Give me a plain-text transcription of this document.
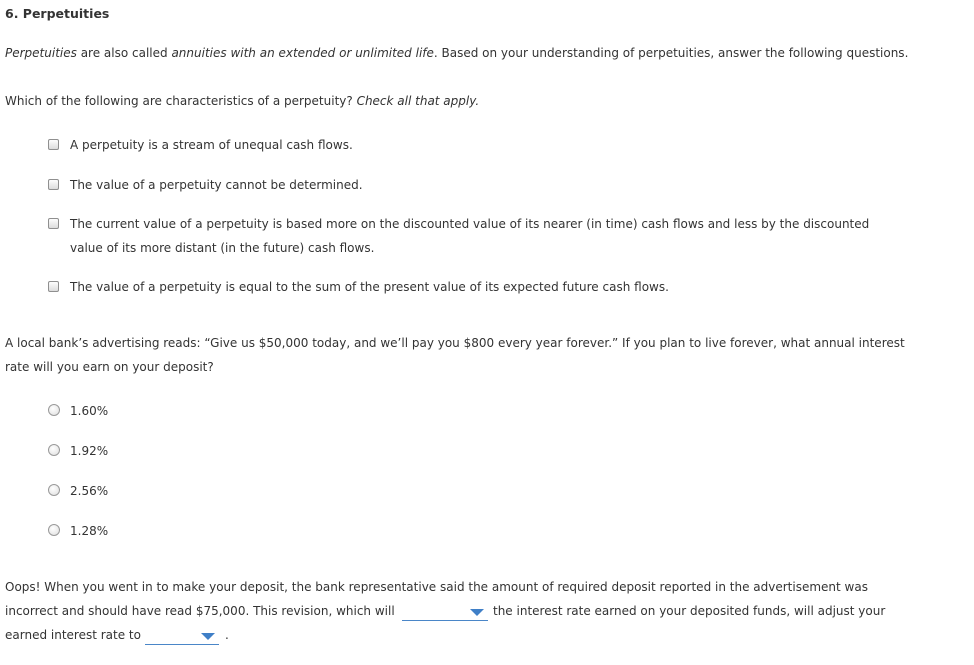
6. Perpetuities
Perpetuities are also called annuities with an extended or unlimited life. Based on your understanding of perpetuities, answer the following questions.
Which of the following are characteristics of a perpetuity? Check all that apply.
A perpetuity is a stream of unequal cash flows.
The value of a perpetuity cannot be determined.
The current value of a perpetuity is based more on the discounted value of its nearer (in time) cash flows and less by the discounted
value of its more distant (in the future) cash flows.
The value of a perpetuity is equal to the sum of the present value of its expected future cash flows.
A local bank’s advertising reads: “Give us $50,000 today, and we’ll pay you $800 every year forever.” If you plan to live forever, what annual interest
rate will you earn on your deposit?
1.60%
1.92%
2.56%
1.28%
Oops! When you went in to make your deposit, the bank representative said the amount of required deposit reported in the advertisement was
incorrect and should have read $75,000. This revision, which will	the interest rate earned on your deposited funds, will adjust your
earned interest rate to	.
